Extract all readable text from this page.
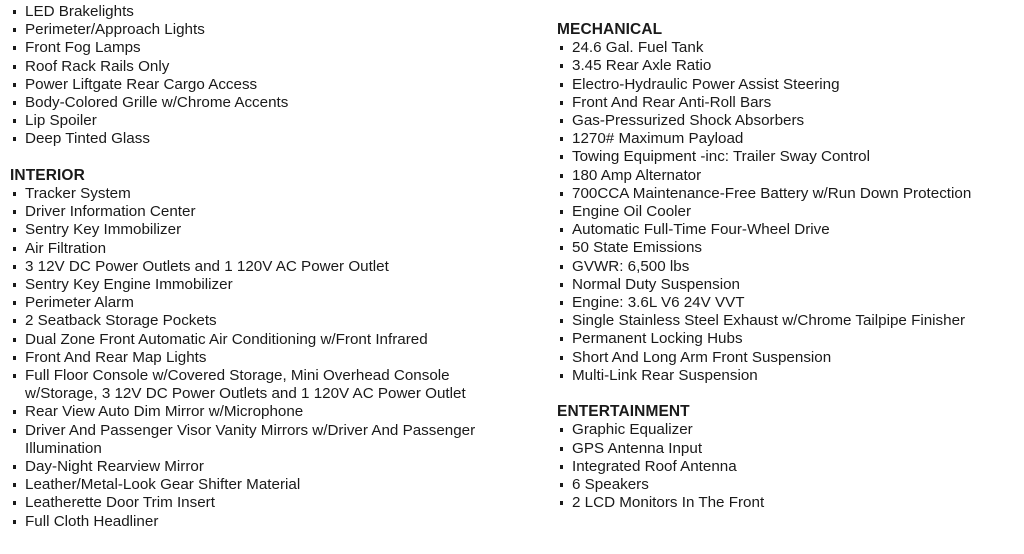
LED Brakelights
Perimeter/Approach Lights
Front Fog Lamps
Roof Rack Rails Only
Power Liftgate Rear Cargo Access
Body-Colored Grille w/Chrome Accents
Lip Spoiler
Deep Tinted Glass
INTERIOR
Tracker System
Driver Information Center
Sentry Key Immobilizer
Air Filtration
3 12V DC Power Outlets and 1 120V AC Power Outlet
Sentry Key Engine Immobilizer
Perimeter Alarm
2 Seatback Storage Pockets
Dual Zone Front Automatic Air Conditioning w/Front Infrared
Front And Rear Map Lights
Full Floor Console w/Covered Storage, Mini Overhead Console w/Storage, 3 12V DC Power Outlets and 1 120V AC Power Outlet
Rear View Auto Dim Mirror w/Microphone
Driver And Passenger Visor Vanity Mirrors w/Driver And Passenger Illumination
Day-Night Rearview Mirror
Leather/Metal-Look Gear Shifter Material
Leatherette Door Trim Insert
Full Cloth Headliner
MECHANICAL
24.6 Gal. Fuel Tank
3.45 Rear Axle Ratio
Electro-Hydraulic Power Assist Steering
Front And Rear Anti-Roll Bars
Gas-Pressurized Shock Absorbers
1270# Maximum Payload
Towing Equipment -inc: Trailer Sway Control
180 Amp Alternator
700CCA Maintenance-Free Battery w/Run Down Protection
Engine Oil Cooler
Automatic Full-Time Four-Wheel Drive
50 State Emissions
GVWR: 6,500 lbs
Normal Duty Suspension
Engine: 3.6L V6 24V VVT
Single Stainless Steel Exhaust w/Chrome Tailpipe Finisher
Permanent Locking Hubs
Short And Long Arm Front Suspension
Multi-Link Rear Suspension
ENTERTAINMENT
Graphic Equalizer
GPS Antenna Input
Integrated Roof Antenna
6 Speakers
2 LCD Monitors In The Front
